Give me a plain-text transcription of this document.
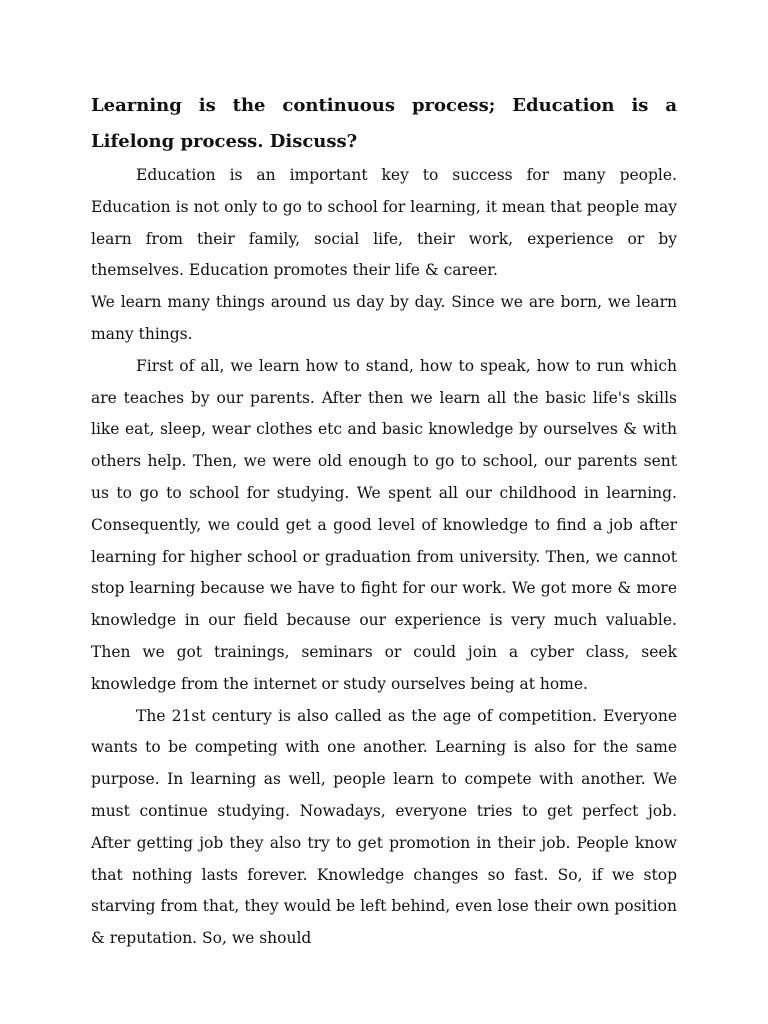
Learning is the continuous process; Education is a Lifelong process. Discuss?

Education is an important key to success for many people. Education is not only to go to school for learning, it mean that people may learn from their family, social life, their work, experience or by themselves. Education promotes their life & career.

We learn many things around us day by day. Since we are born, we learn many things.

First of all, we learn how to stand, how to speak, how to run which are teaches by our parents. After then we learn all the basic life's skills like eat, sleep, wear clothes etc and basic knowledge by ourselves & with others help. Then, we were old enough to go to school, our parents sent us to go to school for studying. We spent all our childhood in learning. Consequently, we could get a good level of knowledge to find a job after learning for higher school or graduation from university. Then, we cannot stop learning because we have to fight for our work. We got more & more knowledge in our field because our experience is very much valuable. Then we got trainings, seminars or could join a cyber class, seek knowledge from the internet or study ourselves being at home.

The 21st century is also called as the age of competition. Everyone wants to be competing with one another. Learning is also for the same purpose. In learning as well, people learn to compete with another. We must continue studying. Nowadays, everyone tries to get perfect job. After getting job they also try to get promotion in their job. People know that nothing lasts forever. Knowledge changes so fast. So, if we stop starving from that, they would be left behind, even lose their own position & reputation. So, we should
